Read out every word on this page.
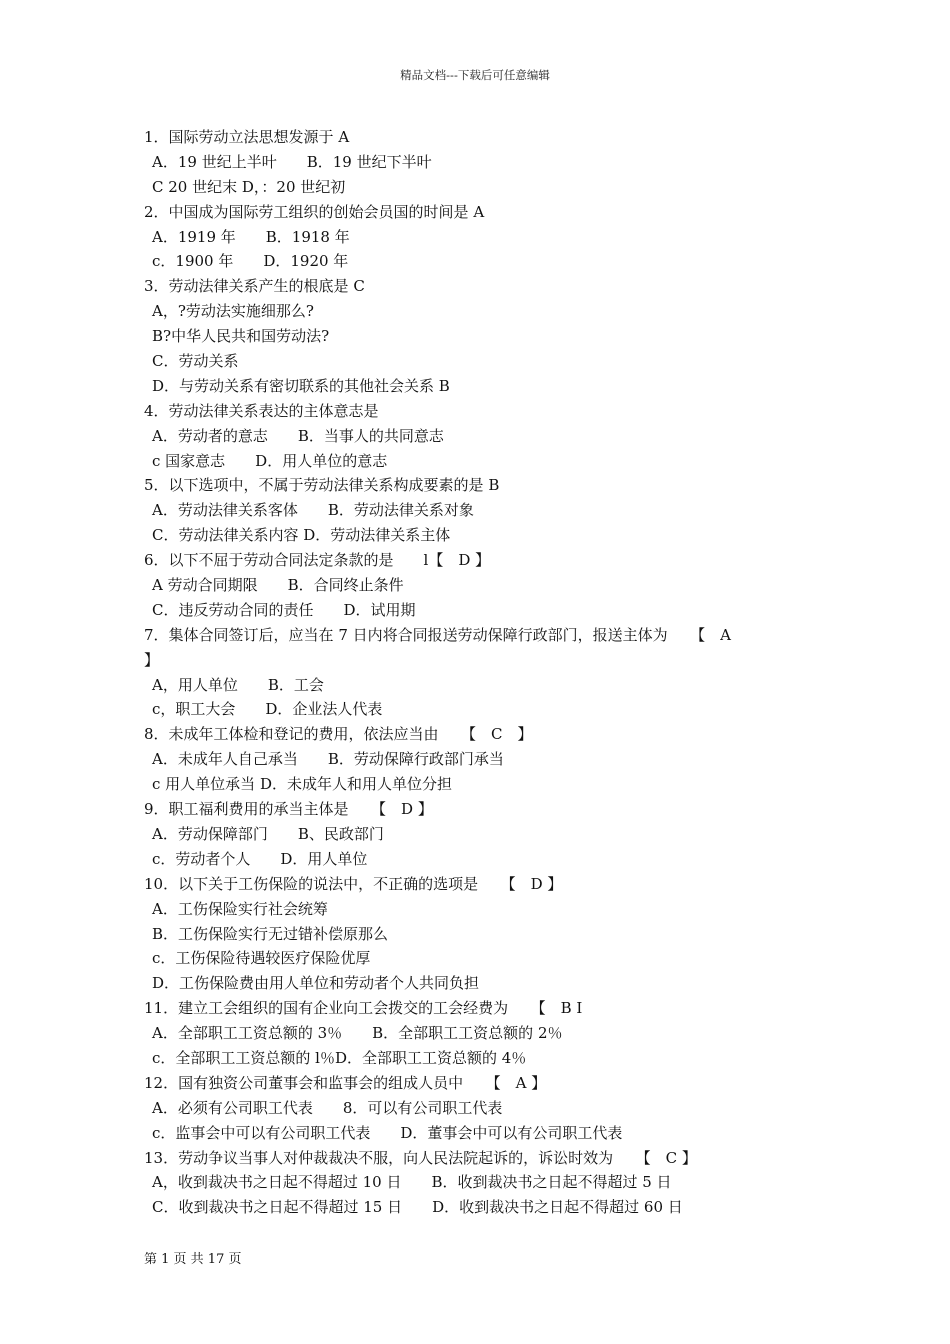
精品文档---下载后可任意编辑
1．国际劳动立法思想发源于 A
A．19 世纪上半叶　　B．19 世纪下半叶
C 20 世纪末 D，：20 世纪初
2．中国成为国际劳工组织的创始会员国的时间是 A
A．1919 年　　B．1918 年
c．1900 年　　D．1920 年
3．劳动法律关系产生的根底是 C
A，?劳动法实施细那么?
B?中华人民共和国劳动法?
C．劳动关系
D．与劳动关系有密切联系的其他社会关系 B
4．劳动法律关系表达的主体意志是
A．劳动者的意志　　B．当事人的共同意志
c 国家意志　　D．用人单位的意志
5．以下选项中，不属于劳动法律关系构成要素的是 B
A．劳动法律关系客体　　B．劳动法律关系对象
C．劳动法律关系内容 D．劳动法律关系主体
6．以下不屈于劳动合同法定条款的是　　l【　D 】
A 劳动合同期限　　B．合同终止条件
C．违反劳动合同的责任　　D．试用期
7．集体合同签订后，应当在 7 日内将合同报送劳动保障行政部门，报送主体为　　【　A
】
A，用人单位　　B．工会
c，职工大会　　D．企业法人代表
8．未成年工体检和登记的费用，依法应当由　　【　C　】
A．未成年人自己承当　　B．劳动保障行政部门承当
c 用人单位承当 D．未成年人和用人单位分担
9．职工福利费用的承当主体是　　【　D 】
A．劳动保障部门　　B、民政部门
c．劳动者个人　　D．用人单位
10．以下关于工伤保险的说法中，不正确的选项是　　【　D 】
A．工伤保险实行社会统筹
B．工伤保险实行无过错补偿原那么
c．工伤保险待遇较医疗保险优厚
D．工伤保险费由用人单位和劳动者个人共同负担
11．建立工会组织的国有企业向工会拨交的工会经费为　　【　B I
A．全部职工工资总额的 3％　　B．全部职工工资总额的 2％
c．全部职工工资总额的 l％D．全部职工工资总额的 4％
12．国有独资公司董事会和监事会的组成人员中　　【　A 】
A．必须有公司职工代表　　8．可以有公司职工代表
c．监事会中可以有公司职工代表　　D．董事会中可以有公司职工代表
13．劳动争议当事人对仲裁裁决不服，向人民法院起诉的，诉讼时效为　　【　C 】
A，收到裁决书之日起不得超过 10 日　　B．收到裁决书之日起不得超过 5 日
C．收到裁决书之日起不得超过 15 日　　D．收到裁决书之日起不得超过 60 日
第 1 页 共 17 页
